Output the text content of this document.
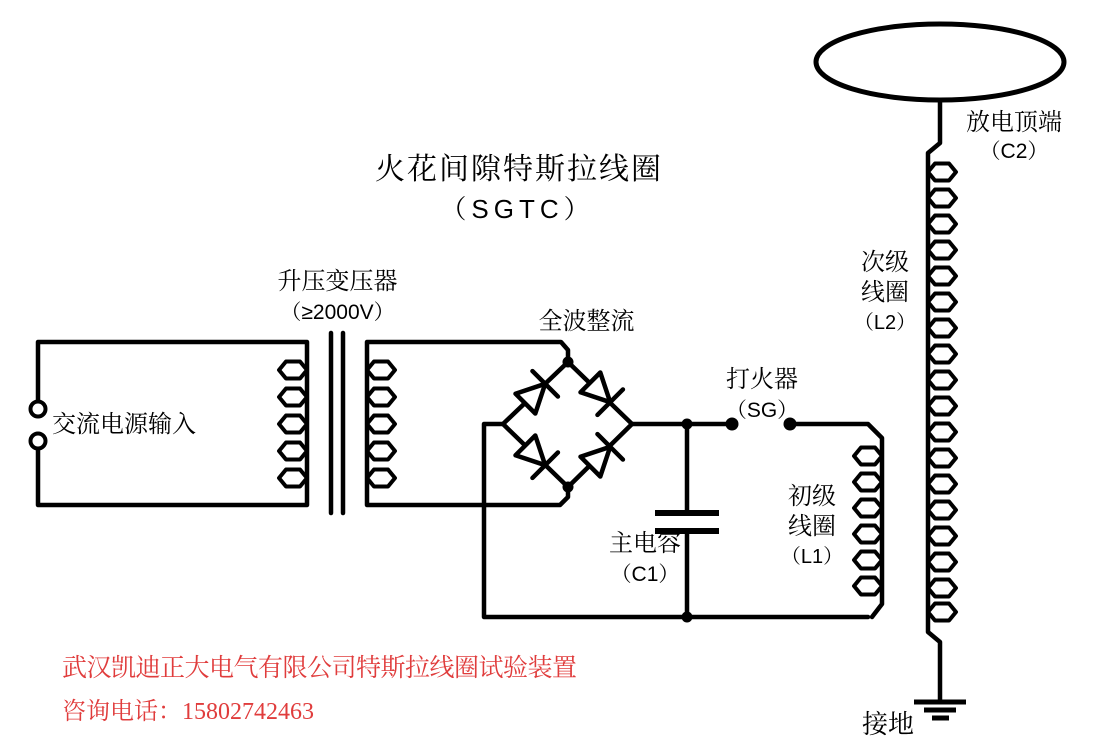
火花间隙特斯拉线圈
（SGTC）
升压变压器
（≥2000V）
交流电源输入
全波整流
打火器
（SG）
主电容
（C1）
初级
线圈
（L1）
次级
线圈
（L2）
放电顶端
（C2）
接地
武汉凯迪正大电气有限公司特斯拉线圈试验装置
咨询电话：15802742463
